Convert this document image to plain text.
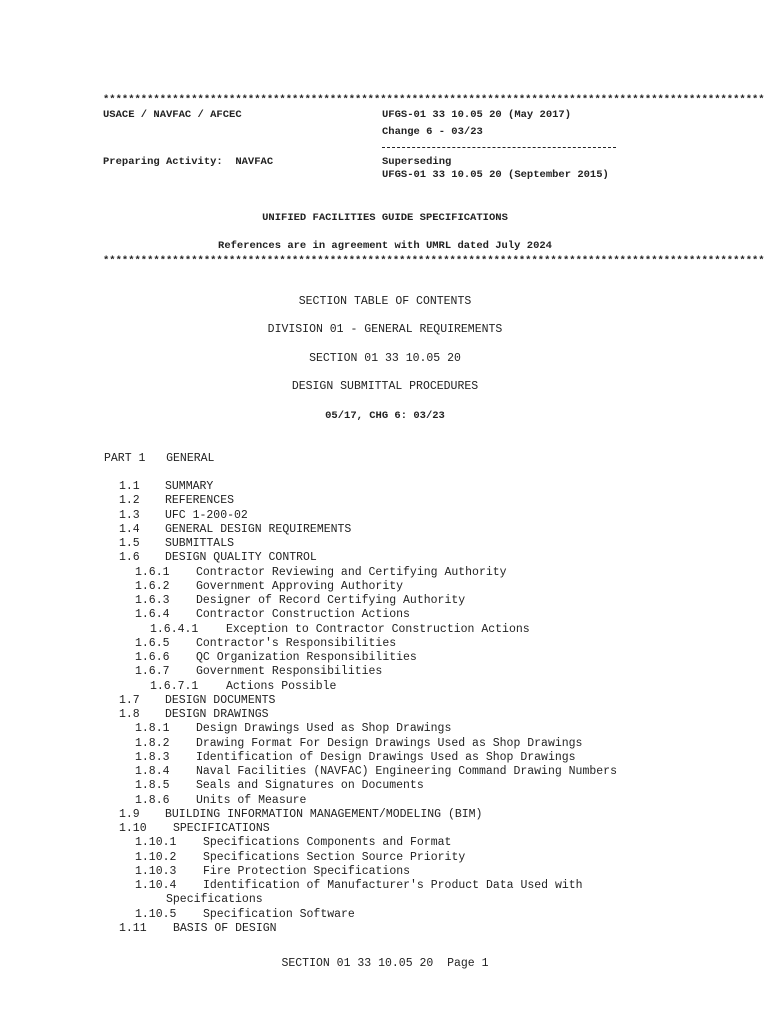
*********************************************************************************************************
USACE / NAVFAC / AFCEC	UFGS-01 33 10.05 20 (May 2017)
Change 6 - 03/23
Preparing Activity:  NAVFAC	Superseding
UFGS-01 33 10.05 20 (September 2015)
UNIFIED FACILITIES GUIDE SPECIFICATIONS
References are in agreement with UMRL dated July 2024
*********************************************************************************************************
SECTION TABLE OF CONTENTS
DIVISION 01 - GENERAL REQUIREMENTS
SECTION 01 33 10.05 20
DESIGN SUBMITTAL PROCEDURES
05/17, CHG 6: 03/23
PART 1   GENERAL
1.1 SUMMARY
1.2 REFERENCES
1.3 UFC 1-200-02
1.4 GENERAL DESIGN REQUIREMENTS
1.5 SUBMITTALS
1.6 DESIGN QUALITY CONTROL
1.6.1 Contractor Reviewing and Certifying Authority
1.6.2 Government Approving Authority
1.6.3 Designer of Record Certifying Authority
1.6.4 Contractor Construction Actions
1.6.4.1 Exception to Contractor Construction Actions
1.6.5 Contractor's Responsibilities
1.6.6 QC Organization Responsibilities
1.6.7 Government Responsibilities
1.6.7.1 Actions Possible
1.7 DESIGN DOCUMENTS
1.8 DESIGN DRAWINGS
1.8.1 Design Drawings Used as Shop Drawings
1.8.2 Drawing Format For Design Drawings Used as Shop Drawings
1.8.3 Identification of Design Drawings Used as Shop Drawings
1.8.4 Naval Facilities (NAVFAC) Engineering Command Drawing Numbers
1.8.5 Seals and Signatures on Documents
1.8.6 Units of Measure
1.9 BUILDING INFORMATION MANAGEMENT/MODELING (BIM)
1.10 SPECIFICATIONS
1.10.1 Specifications Components and Format
1.10.2 Specifications Section Source Priority
1.10.3 Fire Protection Specifications
1.10.4 Identification of Manufacturer's Product Data Used with
Specifications
1.10.5 Specification Software
1.11 BASIS OF DESIGN
SECTION 01 33 10.05 20  Page 1
